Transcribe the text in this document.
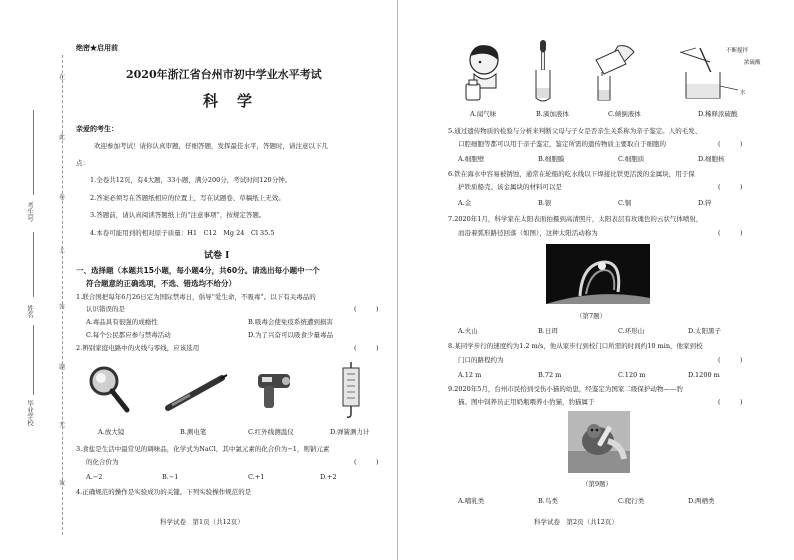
在
此
卷
上
答
题
无
效
考生号
姓名
毕业学校
绝密★启用前
2020年浙江省台州市初中学业水平考试
科　学
亲爱的考生：
欢迎参加考试！请你认真审题，仔细答题，发挥最佳水平，答题时，请注意以下几
点：
1.全卷共12页，有4大题，33小题，满分200分，考试时间120分钟。
2.答案必须写在答题纸相应的位置上，写在试题卷、草稿纸上无效。
3.答题前，请认真阅读答题纸上的“注意事项”，按规定答题。
4.本卷可能用到的相对原子质量：H1　C12　Mg 24　Cl 35.5
试卷 Ⅰ
一、选择题（本题共15小题，每小题4分，共60分。请选出每小题中一个
符合题意的正确选项，不选、错选均不给分）
1.联合国把每年6月26日定为国际禁毒日，倡导“爱生命，不吸毒”。以下有关毒品的
认识错误的是	(　　　)
A.毒品具有很强的成瘾性	B.吸毒会使免疫系统遭到损害
C.每个公民都应参与禁毒活动	D.为了兴奋可以吸食少量毒品
2.辨别家庭电路中的火线与零线，应该选用	(　　　)
A.放大镜	B.测电笔	C.红外线测温仪	D.弹簧测力计
3.食盐是生活中最常见的调味品，化学式为NaCl，其中氯元素的化合价为−1，则钠元素
的化合价为	(　　　)
A.−2	B.−1	C.+1	D.+2
4.正确规范的操作是实验成功的关键。下列实验操作规范的是
科学试卷　第1页（共12页）
不断搅拌
浓硫酸
水
A.闻气味	B.滴加液体	C.倾倒液体	D.稀释浓硫酸
5.通过遗传物质的检验与分析来判断父母与子女是否亲生关系称为亲子鉴定。人的毛发、
口腔细胞等都可以用于亲子鉴定，鉴定所需的遗传物质主要取自于细胞的	(　　　)
A.细胞壁	B.细胞膜	C.细胞质	D.细胞核
6.铁在海水中容易被锈蚀，通常在轮船的吃水线以下焊接比铁更活泼的金属块，用于保
护铁质船壳。该金属块的材料可以是	(　　　)
A.金	B.银	C.铜	D.锌
7.2020年1月，科学家在太阳表面拍摄到高清照片，太阳表层有玫瑰色的云状气体喷射，
而沿着弧形路径回落（如图），这种太阳活动称为	(　　　)
（第7题）
A.火山	B.日珥	C.环形山	D.太阳黑子
8.某同学步行的速度约为1.2 m/s，他从家步行到校门口所需的时间约10 min，他家到校
门口的路程约为	(　　　)
A.12 m	B.72 m	C.120 m	D.1200 m
9.2020年5月，台州市民拾到受伤小猫的幼崽，经鉴定为国家二级保护动物——豹
猫。图中饲养员正用奶瓶喂养小豹猫，豹猫属于	(　　　)
（第9题）
A.哺乳类	B.鸟类	C.爬行类	D.两栖类
科学试卷　第2页（共12页）
